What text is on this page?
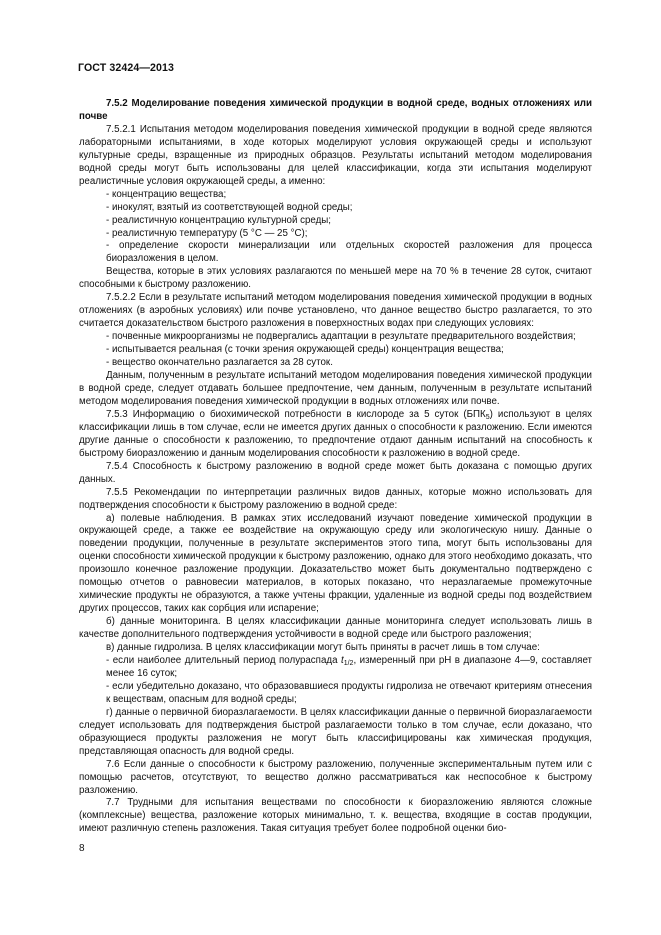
ГОСТ 32424—2013

7.5.2 Моделирование поведения химической продукции в водной среде, водных отложениях или почве

7.5.2.1 Испытания методом моделирования поведения химической продукции в водной среде являются лабораторными испытаниями, в ходе которых моделируют условия окружающей среды и используют культурные среды, взращенные из природных образцов. Результаты испытаний методом моделирования водной среды могут быть использованы для целей классификации, когда эти испытания моделируют реалистичные условия окружающей среды, а именно:

- концентрацию вещества;

- инокулят, взятый из соответствующей водной среды;

- реалистичную концентрацию культурной среды;

- реалистичную температуру (5 °С — 25 °С);

- определение скорости минерализации или отдельных скоростей разложения для процесса биоразложения в целом.

Вещества, которые в этих условиях разлагаются по меньшей мере на 70 % в течение 28 суток, считают способными к быстрому разложению.

7.5.2.2 Если в результате испытаний методом моделирования поведения химической продукции в водных отложениях (в аэробных условиях) или почве установлено, что данное вещество быстро разлагается, то это считается доказательством быстрого разложения в поверхностных водах при следующих условиях:

- почвенные микроорганизмы не подвергались адаптации в результате предварительного воздействия;

- испытывается реальная (с точки зрения окружающей среды) концентрация вещества;

- вещество окончательно разлагается за 28 суток.

Данным, полученным в результате испытаний методом моделирования поведения химической продукции в водной среде, следует отдавать большее предпочтение, чем данным, полученным в результате испытаний методом моделирования поведения химической продукции в водных отложениях или почве.

7.5.3 Информацию о биохимической потребности в кислороде за 5 суток $(БПК_5)$ используют в целях классификации лишь в том случае, если не имеется других данных о способности к разложению. Если имеются другие данные о способности к разложению, то предпочтение отдают данным испытаний на способность к быстрому биоразложению и данным моделирования способности к разложению в водной среде.

7.5.4 Способность к быстрому разложению в водной среде может быть доказана с помощью других данных.

7.5.5 Рекомендации по интерпретации различных видов данных, которые можно использовать для подтверждения способности к быстрому разложению в водной среде:

а) полевые наблюдения. В рамках этих исследований изучают поведение химической продукции в окружающей среде, а также ее воздействие на окружающую среду или экологическую нишу. Данные о поведении продукции, полученные в результате экспериментов этого типа, могут быть использованы для оценки способности химической продукции к быстрому разложению, однако для этого необходимо доказать, что произошло конечное разложение продукции. Доказательство может быть документально подтверждено с помощью отчетов о равновесии материалов, в которых показано, что неразлагаемые промежуточные химические продукты не образуются, а также учтены фракции, удаленные из водной среды под воздействием других процессов, таких как сорбция или испарение;

б) данные мониторинга. В целях классификации данные мониторинга следует использовать лишь в качестве дополнительного подтверждения устойчивости в водной среде или быстрого разложения;

в) данные гидролиза. В целях классификации могут быть приняты в расчет лишь в том случае:

- если наиболее длительный период полураспада $t_{1/2}$, измеренный при pH в диапазоне 4—9, составляет менее 16 суток;

- если убедительно доказано, что образовавшиеся продукты гидролиза не отвечают критериям отнесения к веществам, опасным для водной среды;

г) данные о первичной биоразлагаемости. В целях классификации данные о первичной биоразлагаемости следует использовать для подтверждения быстрой разлагаемости только в том случае, если доказано, что образующиеся продукты разложения не могут быть классифицированы как химическая продукция, представляющая опасность для водной среды.

7.6 Если данные о способности к быстрому разложению, полученные экспериментальным путем или с помощью расчетов, отсутствуют, то вещество должно рассматриваться как неспособное к быстрому разложению.

7.7 Трудными для испытания веществами по способности к биоразложению являются сложные (комплексные) вещества, разложение которых минимально, т. к. вещества, входящие в состав продукции, имеют различную степень разложения. Такая ситуация требует более подробной оценки био-

8
